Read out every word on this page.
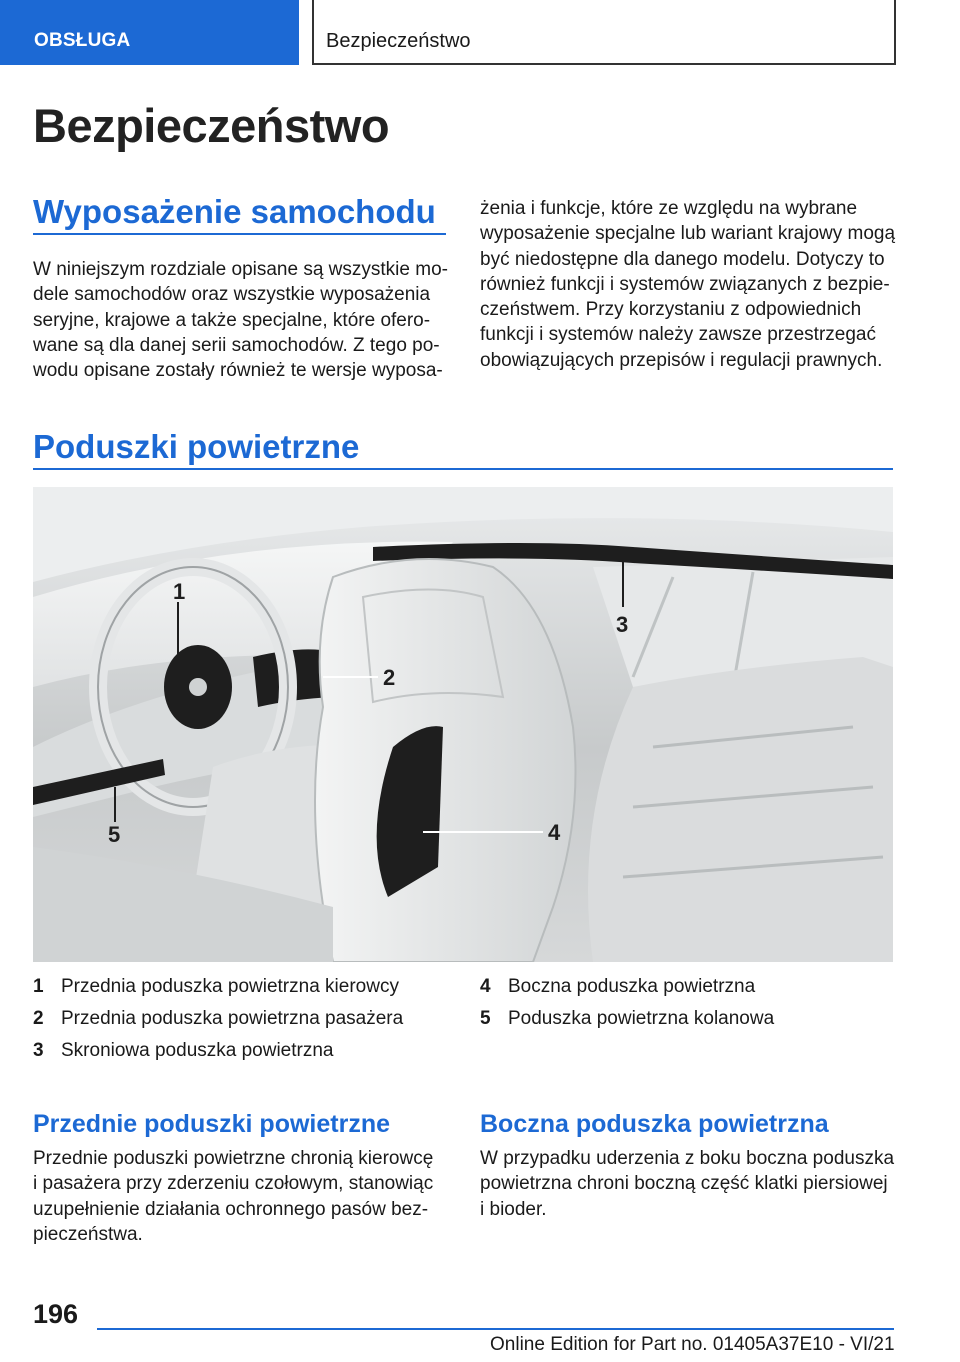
OBSŁUGA	Bezpieczeństwo
Bezpieczeństwo
Wyposażenie samochodu
W niniejszym rozdziale opisane są wszystkie mo‐
dele samochodów oraz wszystkie wyposażenia
seryjne, krajowe a także specjalne, które ofero‐
wane są dla danej serii samochodów. Z tego po‐
wodu opisane zostały również te wersje wyposa‐
żenia i funkcje, które ze względu na wybrane
wyposażenie specjalne lub wariant krajowy mogą
być niedostępne dla danego modelu. Dotyczy to
również funkcji i systemów związanych z bezpie‐
czeństwem. Przy korzystaniu z odpowiednich
funkcji i systemów należy zawsze przestrzegać
obowiązujących przepisów i regulacji prawnych.
Poduszki powietrzne
1
2
3
4
5
1 Przednia poduszka powietrzna kierowcy
2 Przednia poduszka powietrzna pasażera
3 Skroniowa poduszka powietrzna
4 Boczna poduszka powietrzna
5 Poduszka powietrzna kolanowa
Przednie poduszki powietrzne
Przednie poduszki powietrzne chronią kierowcę
i pasażera przy zderzeniu czołowym, stanowiąc
uzupełnienie działania ochronnego pasów bez‐
pieczeństwa.
Boczna poduszka powietrzna
W przypadku uderzenia z boku boczna poduszka
powietrzna chroni boczną część klatki piersiowej
i bioder.
196
Online Edition for Part no. 01405A37E10 - VI/21
